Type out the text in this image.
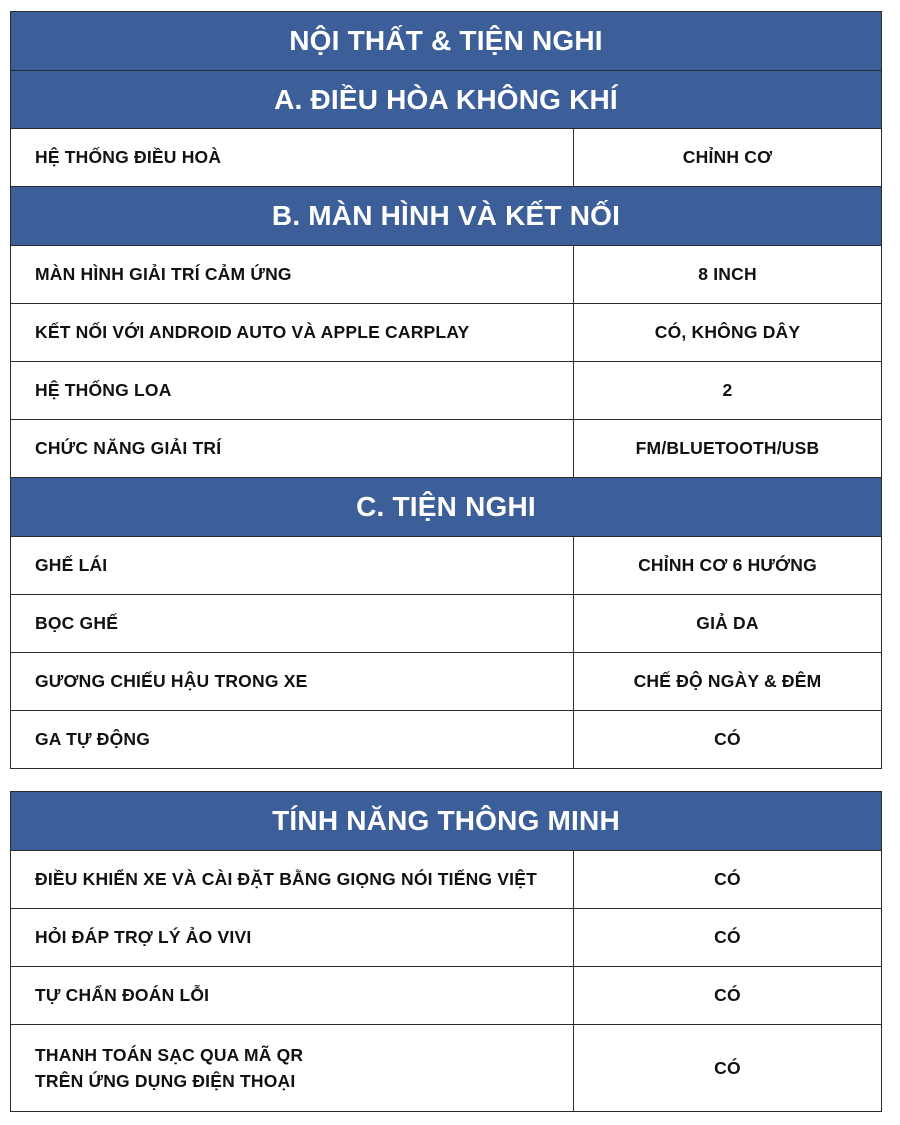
NỘI THẤT & TIỆN NGHI	
A. ĐIỀU HÒA KHÔNG KHÍ	
HỆ THỐNG ĐIỀU HOÀ	CHỈNH CƠ
B. MÀN HÌNH VÀ KẾT NỐI	
MÀN HÌNH GIẢI TRÍ CẢM ỨNG	8 INCH
KẾT NỐI VỚI ANDROID AUTO VÀ APPLE CARPLAY	CÓ, KHÔNG DÂY
HỆ THỐNG LOA	2
CHỨC NĂNG GIẢI TRÍ	FM/BLUETOOTH/USB
C. TIỆN NGHI	
GHẾ LÁI	CHỈNH CƠ 6 HƯỚNG
BỌC GHẾ	GIẢ DA
GƯƠNG CHIẾU HẬU TRONG XE	CHẾ ĐỘ NGÀY & ĐÊM
GA TỰ ĐỘNG	CÓ
TÍNH NĂNG THÔNG MINH	
ĐIỀU KHIỂN XE VÀ CÀI ĐẶT BẰNG GIỌNG NÓI TIẾNG VIỆT	CÓ
HỎI ĐÁP TRỢ LÝ ẢO VIVI	CÓ
TỰ CHẨN ĐOÁN LỖI	CÓ

THANH TOÁN SẠC QUA MÃ QR
TRÊN ỨNG DỤNG ĐIỆN THOẠI	CÓ
